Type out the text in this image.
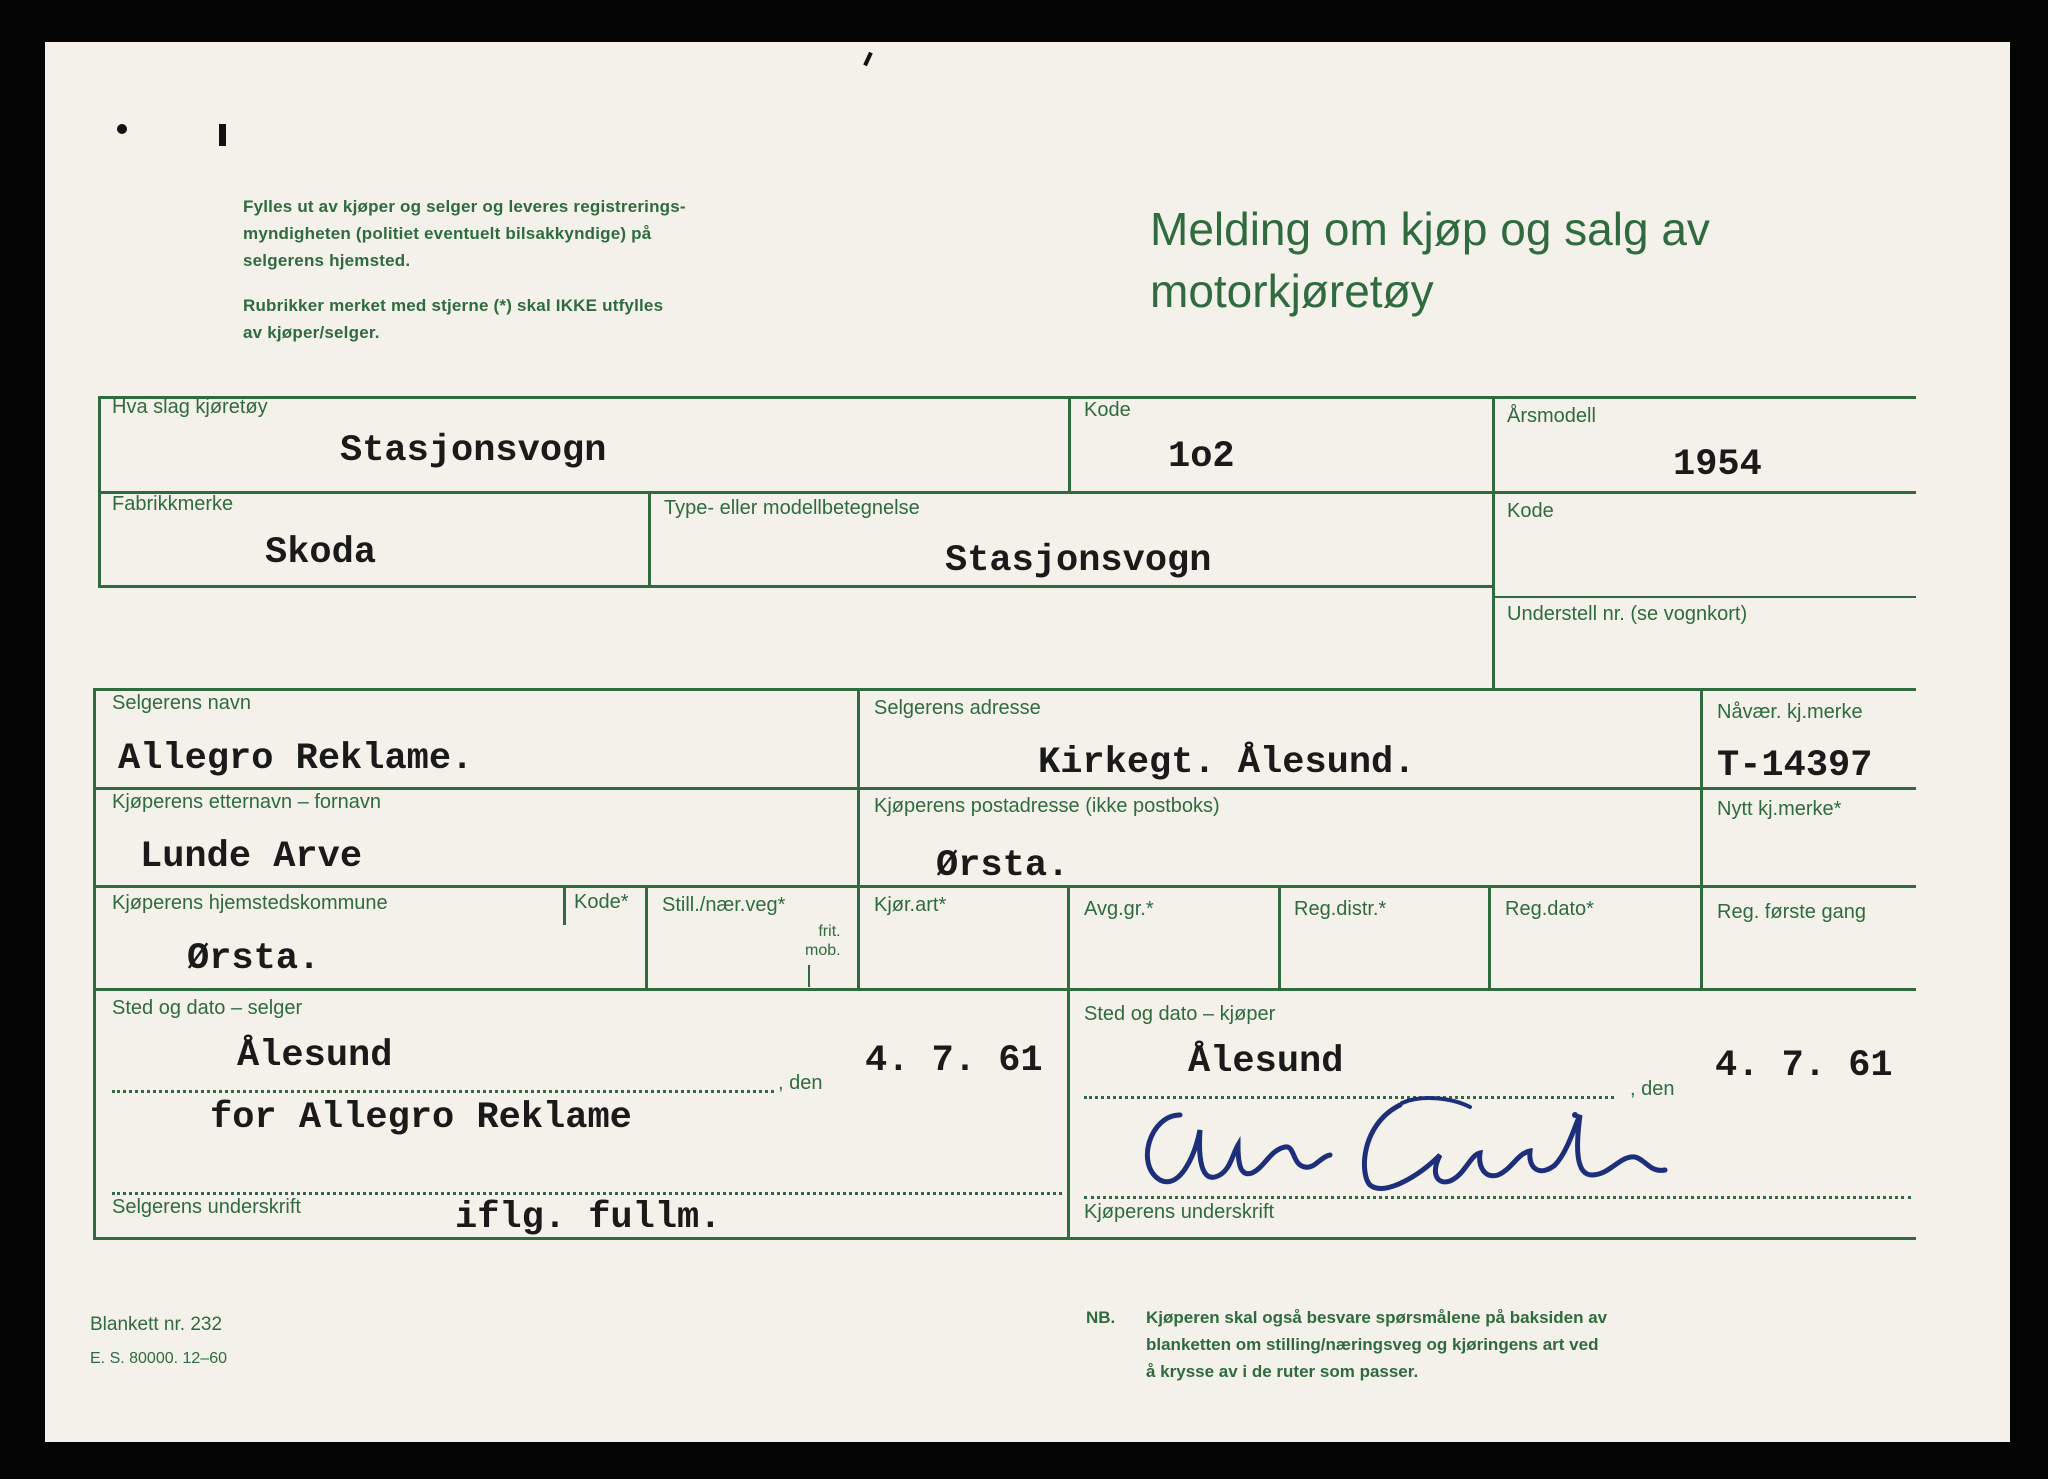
Fylles ut av kjøper og selger og leveres registrerings-
myndigheten (politiet eventuelt bilsakkyndige) på
selgerens hjemsted.
Rubrikker merket med stjerne (*) skal IKKE utfylles
av kjøper/selger.
Melding om kjøp og salg av
motorkjøretøy
Hva slag kjøretøy
Stasjonsvogn
Kode
1o2
Årsmodell
1954
Fabrikkmerke
Skoda
Type- eller modellbetegnelse
Stasjonsvogn
Kode
Understell nr. (se vognkort)
Selgerens navn
Allegro Reklame.
Selgerens adresse
Kirkegt. Ålesund.
Nåvær. kj.merke
T-14397
Kjøperens etternavn – fornavn
Lunde Arve
Kjøperens postadresse (ikke postboks)
Ørsta.
Nytt kj.merke*
Kjøperens hjemstedskommune
Ørsta.
Kode* Still./nær.veg*
frit.
mob.
Kjør.art*	Avg.gr.*	Reg.distr.*	Reg.dato*	Reg. første gang
Sted og dato – selger
Ålesund
, den
4. 7. 61
for Allegro Reklame
Selgerens underskrift	iflg. fullm.
Sted og dato – kjøper
Ålesund
, den
4. 7. 61
Kjøperens underskrift
Blankett nr. 232
E. S. 80000. 12–60
NB. Kjøperen skal også besvare spørsmålene på baksiden av
blanketten om stilling/næringsveg og kjøringens art ved
å krysse av i de ruter som passer.
